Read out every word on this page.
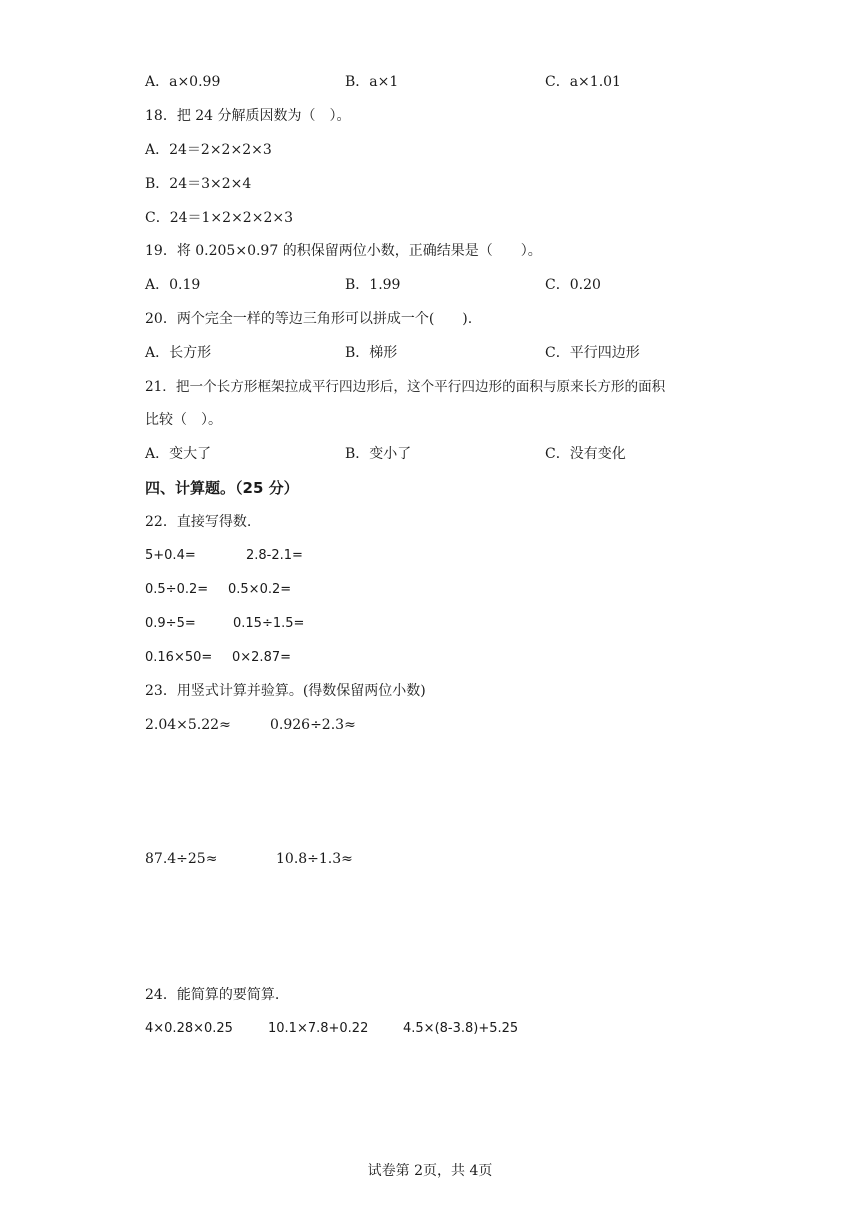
A．a×0.99	B．a×1	C．a×1.01
18．把 24 分解质因数为（　）。
A．24＝2×2×2×3
B．24＝3×2×4
C．24＝1×2×2×2×3
19．将 0.205×0.97 的积保留两位小数，正确结果是（　　）。
A．0.19	B．1.99	C．0.20
20．两个完全一样的等边三角形可以拼成一个(　　).
A．长方形	B．梯形	C．平行四边形
21．把一个长方形框架拉成平行四边形后，这个平行四边形的面积与原来长方形的面积
比较（　）。
A．变大了	B．变小了	C．没有变化
四、计算题。（25 分）
22．直接写得数.
5+0.4=	2.8-2.1=
0.5÷0.2= 0.5×0.2=
0.9÷5=	0.15÷1.5=
0.16×50= 0×2.87=
23．用竖式计算并验算。(得数保留两位小数)
2.04×5.22≈	0.926÷2.3≈
87.4÷25≈	10.8÷1.3≈
24．能简算的要简算.
4×0.28×0.25	10.1×7.8+0.22	4.5×(8-3.8)+5.25
试卷第 2页，共 4页
